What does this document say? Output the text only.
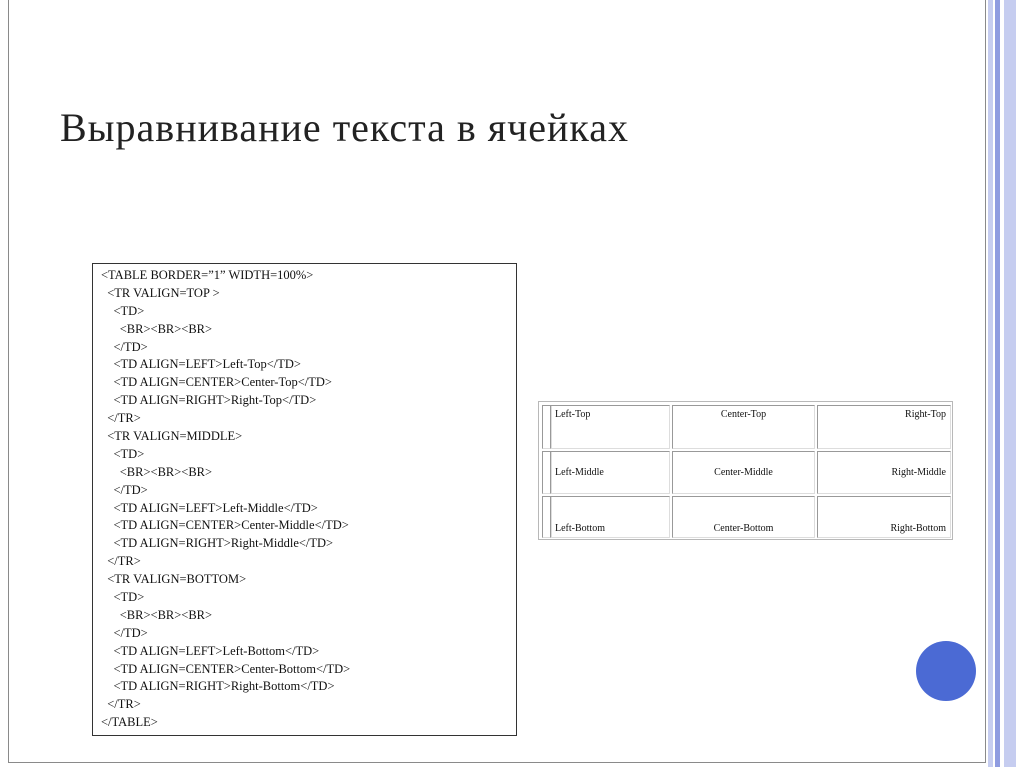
Выравнивание текста в ячейках
<TABLE BORDER=”1” WIDTH=100%>
<TR VALIGN=TOP >
<TD>
<BR><BR><BR>
</TD>
<TD ALIGN=LEFT>Left-Top</TD>
<TD ALIGN=CENTER>Center-Top</TD>
<TD ALIGN=RIGHT>Right-Top</TD>
</TR>
<TR VALIGN=MIDDLE>
<TD>
<BR><BR><BR>
</TD>
<TD ALIGN=LEFT>Left-Middle</TD>
<TD ALIGN=CENTER>Center-Middle</TD>
<TD ALIGN=RIGHT>Right-Middle</TD>
</TR>
<TR VALIGN=BOTTOM>
<TD>
<BR><BR><BR>
</TD>
<TD ALIGN=LEFT>Left-Bottom</TD>
<TD ALIGN=CENTER>Center-Bottom</TD>
<TD ALIGN=RIGHT>Right-Bottom</TD>
</TR>
</TABLE>
Left-Top	Center-Top	Right-Top
Left-Middle	Center-Middle	Right-Middle
Left-Bottom	Center-Bottom	Right-Bottom
